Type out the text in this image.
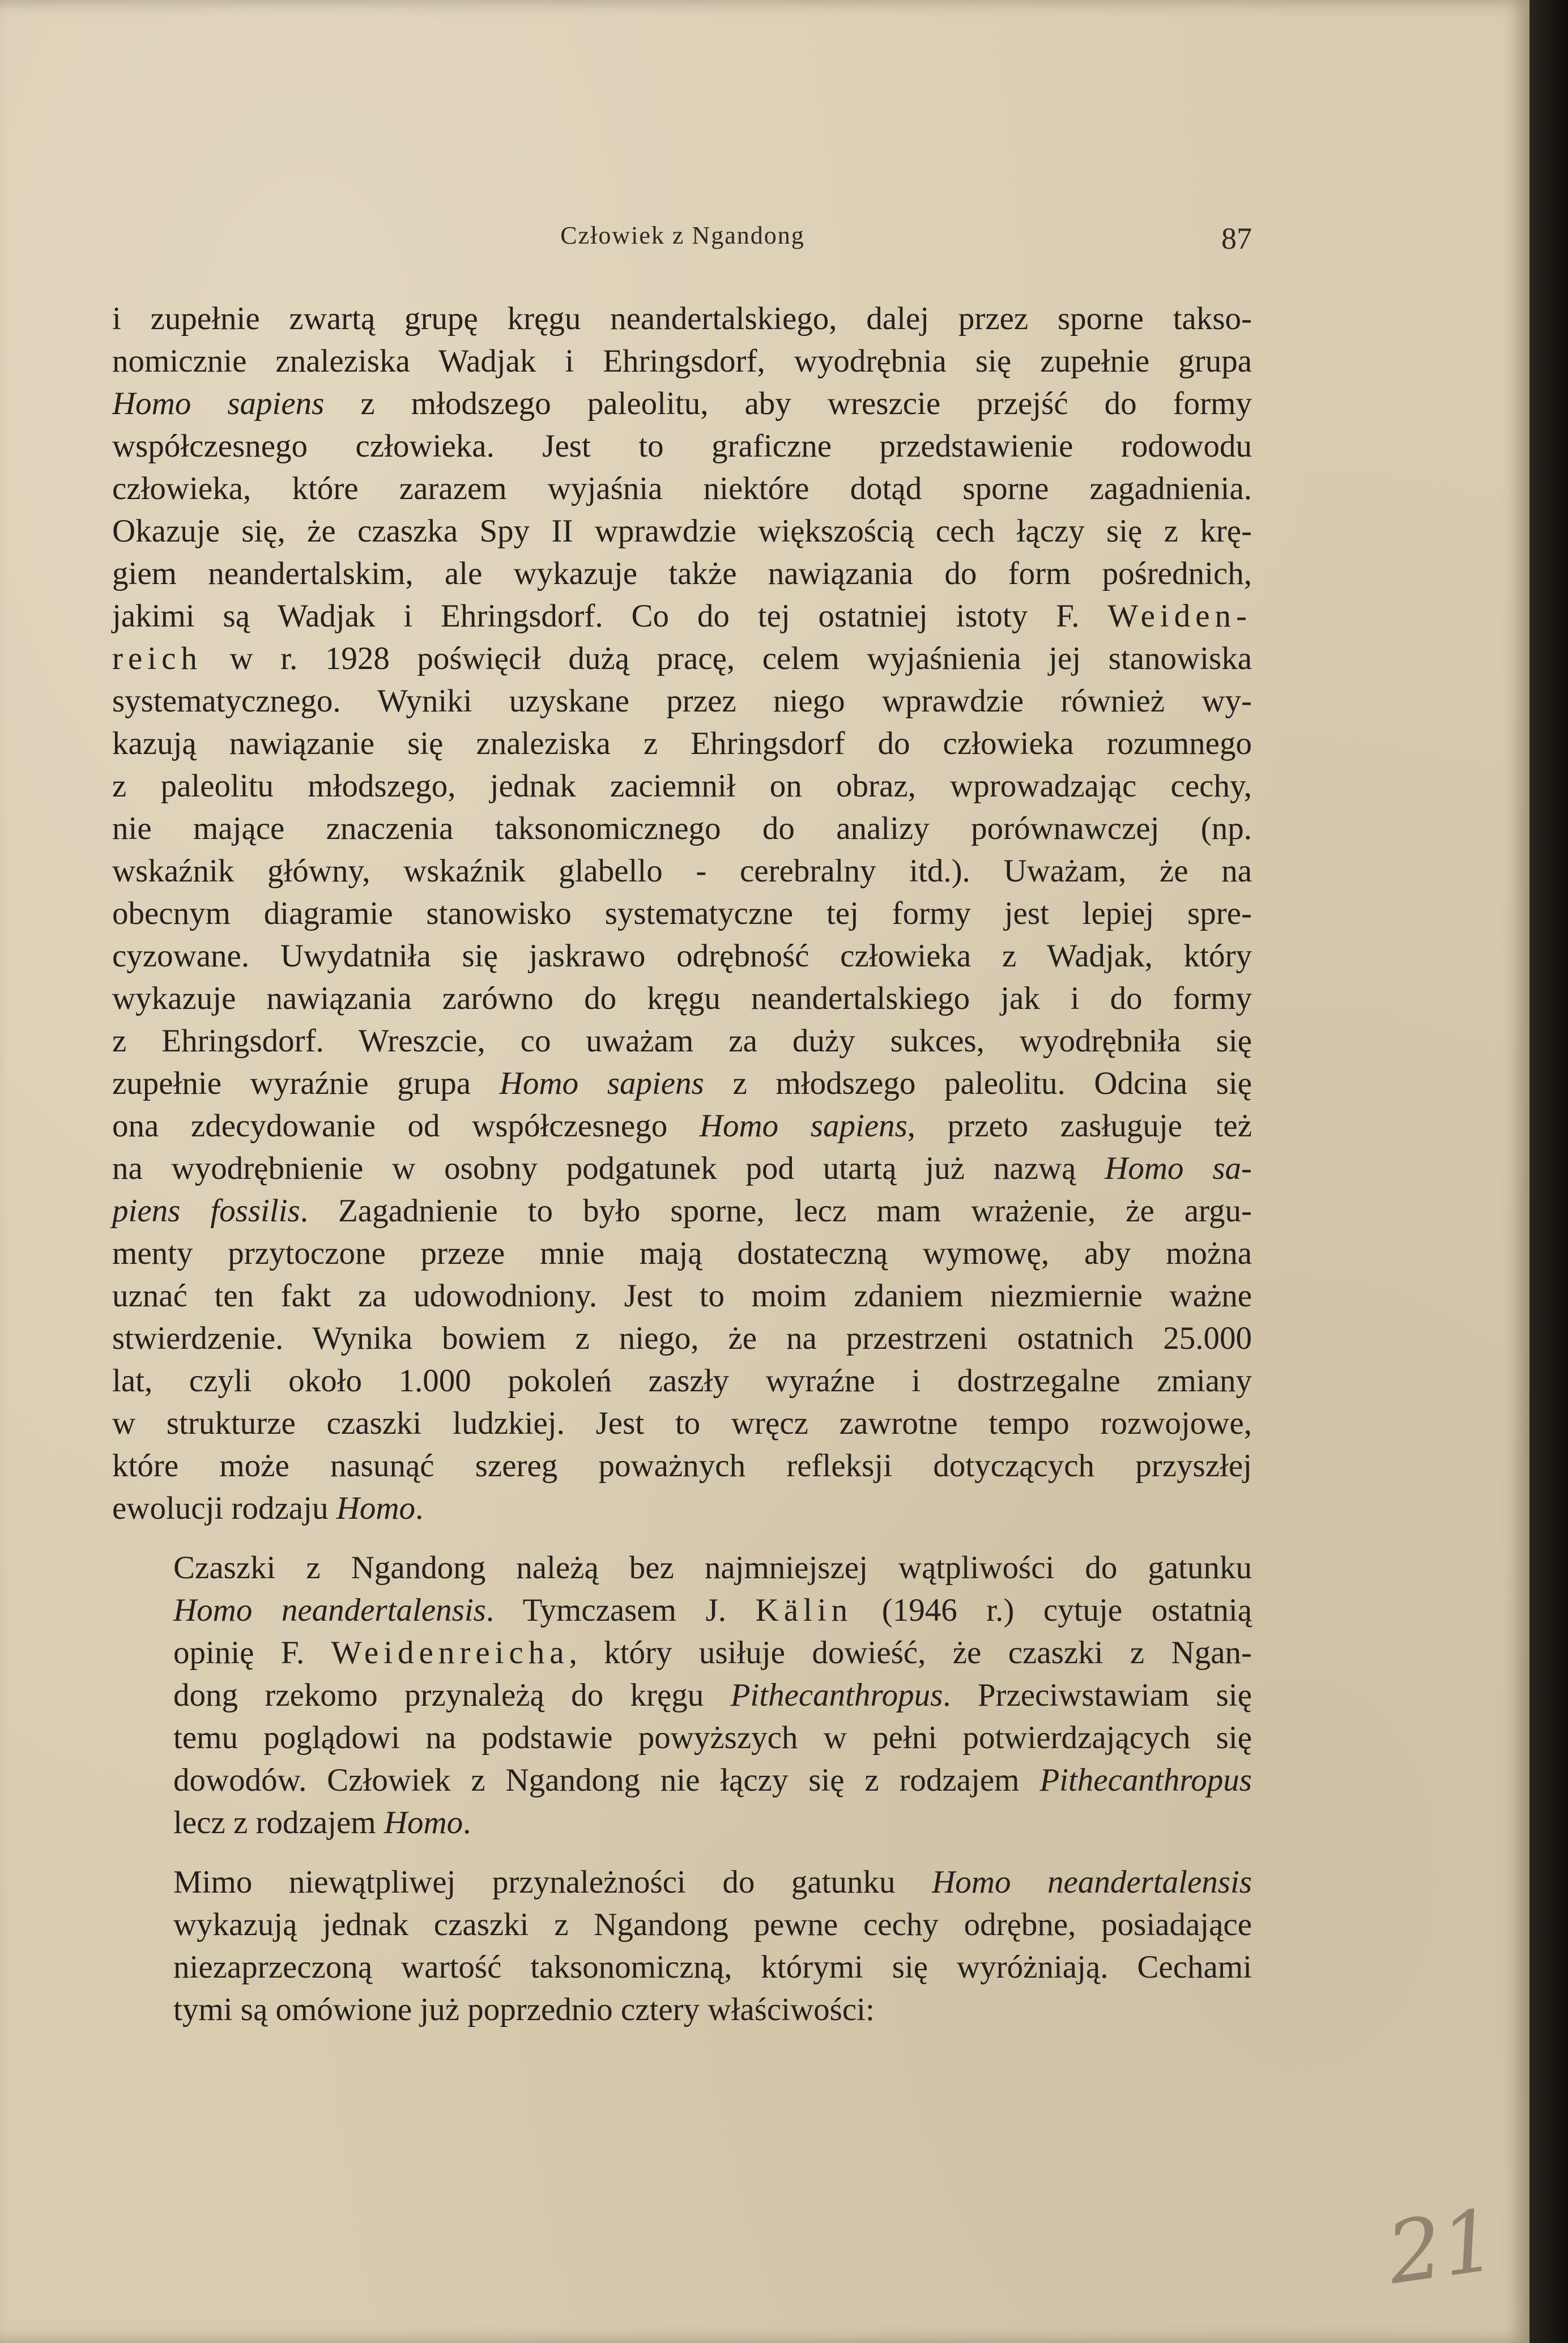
Człowiek z Ngandong	87

i zupełnie zwartą grupę kręgu neandertalskiego, dalej przez sporne takso-
nomicznie znaleziska Wadjak i Ehringsdorf, wyodrębnia się zupełnie grupa
Homo sapiens z młodszego paleolitu, aby wreszcie przejść do formy
współczesnego człowieka. Jest to graficzne przedstawienie rodowodu
człowieka, które zarazem wyjaśnia niektóre dotąd sporne zagadnienia.
Okazuje się, że czaszka Spy II wprawdzie większością cech łączy się z krę-
giem neandertalskim, ale wykazuje także nawiązania do form pośrednich,
jakimi są Wadjak i Ehringsdorf. Co do tej ostatniej istoty F. Weiden-
reich w r. 1928 poświęcił dużą pracę, celem wyjaśnienia jej stanowiska
systematycznego. Wyniki uzyskane przez niego wprawdzie również wy-
kazują nawiązanie się znaleziska z Ehringsdorf do człowieka rozumnego
z paleolitu młodszego, jednak zaciemnił on obraz, wprowadzając cechy,
nie mające znaczenia taksonomicznego do analizy porównawczej (np.
wskaźnik główny, wskaźnik glabello - cerebralny itd.). Uważam, że na
obecnym diagramie stanowisko systematyczne tej formy jest lepiej spre-
cyzowane. Uwydatniła się jaskrawo odrębność człowieka z Wadjak, który
wykazuje nawiązania zarówno do kręgu neandertalskiego jak i do formy
z Ehringsdorf. Wreszcie, co uważam za duży sukces, wyodrębniła się
zupełnie wyraźnie grupa Homo sapiens z młodszego paleolitu. Odcina się
ona zdecydowanie od współczesnego Homo sapiens, przeto zasługuje też
na wyodrębnienie w osobny podgatunek pod utartą już nazwą Homo sa-
piens fossilis. Zagadnienie to było sporne, lecz mam wrażenie, że argu-
menty przytoczone przeze mnie mają dostateczną wymowę, aby można
uznać ten fakt za udowodniony. Jest to moim zdaniem niezmiernie ważne
stwierdzenie. Wynika bowiem z niego, że na przestrzeni ostatnich 25.000
lat, czyli około 1.000 pokoleń zaszły wyraźne i dostrzegalne zmiany
w strukturze czaszki ludzkiej. Jest to wręcz zawrotne tempo rozwojowe,
które może nasunąć szereg poważnych refleksji dotyczących przyszłej
ewolucji rodzaju Homo.

Czaszki z Ngandong należą bez najmniejszej wątpliwości do gatunku
Homo neandertalensis. Tymczasem J. Kälin (1946 r.) cytuje ostatnią
opinię F. Weidenreicha, który usiłuje dowieść, że czaszki z Ngan-
dong rzekomo przynależą do kręgu Pithecanthropus. Przeciwstawiam się
temu poglądowi na podstawie powyższych w pełni potwierdzających się
dowodów. Człowiek z Ngandong nie łączy się z rodzajem Pithecanthropus
lecz z rodzajem Homo.

Mimo niewątpliwej przynależności do gatunku Homo neandertalensis
wykazują jednak czaszki z Ngandong pewne cechy odrębne, posiadające
niezaprzeczoną wartość taksonomiczną, którymi się wyróżniają. Cechami
tymi są omówione już poprzednio cztery właściwości:

21
